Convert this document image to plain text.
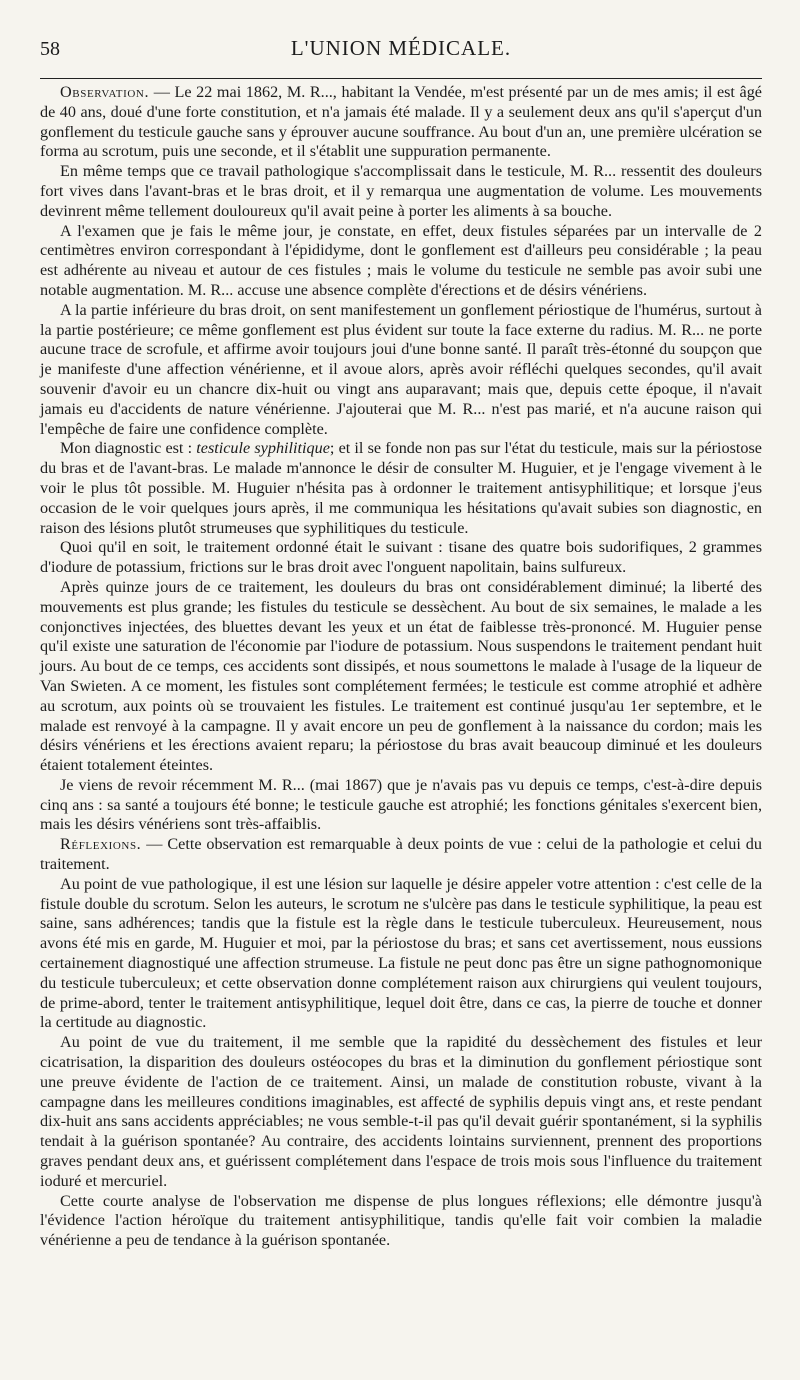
58	L'UNION MÉDICALE.

Observation. — Le 22 mai 1862, M. R..., habitant la Vendée, m'est présenté par un de mes amis; il est âgé de 40 ans, doué d'une forte constitution, et n'a jamais été malade. Il y a seulement deux ans qu'il s'aperçut d'un gonflement du testicule gauche sans y éprouver aucune souffrance. Au bout d'un an, une première ulcération se forma au scrotum, puis une seconde, et il s'établit une suppuration permanente.

En même temps que ce travail pathologique s'accomplissait dans le testicule, M. R... ressentit des douleurs fort vives dans l'avant-bras et le bras droit, et il y remarqua une augmentation de volume. Les mouvements devinrent même tellement douloureux qu'il avait peine à porter les aliments à sa bouche.

A l'examen que je fais le même jour, je constate, en effet, deux fistules séparées par un intervalle de 2 centimètres environ correspondant à l'épididyme, dont le gonflement est d'ailleurs peu considérable ; la peau est adhérente au niveau et autour de ces fistules ; mais le volume du testicule ne semble pas avoir subi une notable augmentation. M. R... accuse une absence complète d'érections et de désirs vénériens.

A la partie inférieure du bras droit, on sent manifestement un gonflement périostique de l'humérus, surtout à la partie postérieure; ce même gonflement est plus évident sur toute la face externe du radius. M. R... ne porte aucune trace de scrofule, et affirme avoir toujours joui d'une bonne santé. Il paraît très-étonné du soupçon que je manifeste d'une affection vénérienne, et il avoue alors, après avoir réfléchi quelques secondes, qu'il avait souvenir d'avoir eu un chancre dix-huit ou vingt ans auparavant; mais que, depuis cette époque, il n'avait jamais eu d'accidents de nature vénérienne. J'ajouterai que M. R... n'est pas marié, et n'a aucune raison qui l'empêche de faire une confidence complète.

Mon diagnostic est : testicule syphilitique; et il se fonde non pas sur l'état du testicule, mais sur la périostose du bras et de l'avant-bras. Le malade m'annonce le désir de consulter M. Huguier, et je l'engage vivement à le voir le plus tôt possible. M. Huguier n'hésita pas à ordonner le traitement antisyphilitique; et lorsque j'eus occasion de le voir quelques jours après, il me communiqua les hésitations qu'avait subies son diagnostic, en raison des lésions plutôt strumeuses que syphilitiques du testicule.

Quoi qu'il en soit, le traitement ordonné était le suivant : tisane des quatre bois sudorifiques, 2 grammes d'iodure de potassium, frictions sur le bras droit avec l'onguent napolitain, bains sulfureux.

Après quinze jours de ce traitement, les douleurs du bras ont considérablement diminué; la liberté des mouvements est plus grande; les fistules du testicule se dessèchent. Au bout de six semaines, le malade a les conjonctives injectées, des bluettes devant les yeux et un état de faiblesse très-prononcé. M. Huguier pense qu'il existe une saturation de l'économie par l'iodure de potassium. Nous suspendons le traitement pendant huit jours. Au bout de ce temps, ces accidents sont dissipés, et nous soumettons le malade à l'usage de la liqueur de Van Swieten. A ce moment, les fistules sont complétement fermées; le testicule est comme atrophié et adhère au scrotum, aux points où se trouvaient les fistules. Le traitement est continué jusqu'au 1er septembre, et le malade est renvoyé à la campagne. Il y avait encore un peu de gonflement à la naissance du cordon; mais les désirs vénériens et les érections avaient reparu; la périostose du bras avait beaucoup diminué et les douleurs étaient totalement éteintes.

Je viens de revoir récemment M. R... (mai 1867) que je n'avais pas vu depuis ce temps, c'est-à-dire depuis cinq ans : sa santé a toujours été bonne; le testicule gauche est atrophié; les fonctions génitales s'exercent bien, mais les désirs vénériens sont très-affaiblis.

Réflexions. — Cette observation est remarquable à deux points de vue : celui de la pathologie et celui du traitement.

Au point de vue pathologique, il est une lésion sur laquelle je désire appeler votre attention : c'est celle de la fistule double du scrotum. Selon les auteurs, le scrotum ne s'ulcère pas dans le testicule syphilitique, la peau est saine, sans adhérences; tandis que la fistule est la règle dans le testicule tuberculeux. Heureusement, nous avons été mis en garde, M. Huguier et moi, par la périostose du bras; et sans cet avertissement, nous eussions certainement diagnostiqué une affection strumeuse. La fistule ne peut donc pas être un signe pathognomonique du testicule tuberculeux; et cette observation donne complétement raison aux chirurgiens qui veulent toujours, de prime-abord, tenter le traitement antisyphilitique, lequel doit être, dans ce cas, la pierre de touche et donner la certitude au diagnostic.

Au point de vue du traitement, il me semble que la rapidité du dessèchement des fistules et leur cicatrisation, la disparition des douleurs ostéocopes du bras et la diminution du gonflement périostique sont une preuve évidente de l'action de ce traitement. Ainsi, un malade de constitution robuste, vivant à la campagne dans les meilleures conditions imaginables, est affecté de syphilis depuis vingt ans, et reste pendant dix-huit ans sans accidents appréciables; ne vous semble-t-il pas qu'il devait guérir spontanément, si la syphilis tendait à la guérison spontanée? Au contraire, des accidents lointains surviennent, prennent des proportions graves pendant deux ans, et guérissent complétement dans l'espace de trois mois sous l'influence du traitement ioduré et mercuriel.

Cette courte analyse de l'observation me dispense de plus longues réflexions; elle démontre jusqu'à l'évidence l'action héroïque du traitement antisyphilitique, tandis qu'elle fait voir combien la maladie vénérienne a peu de tendance à la guérison spontanée.
